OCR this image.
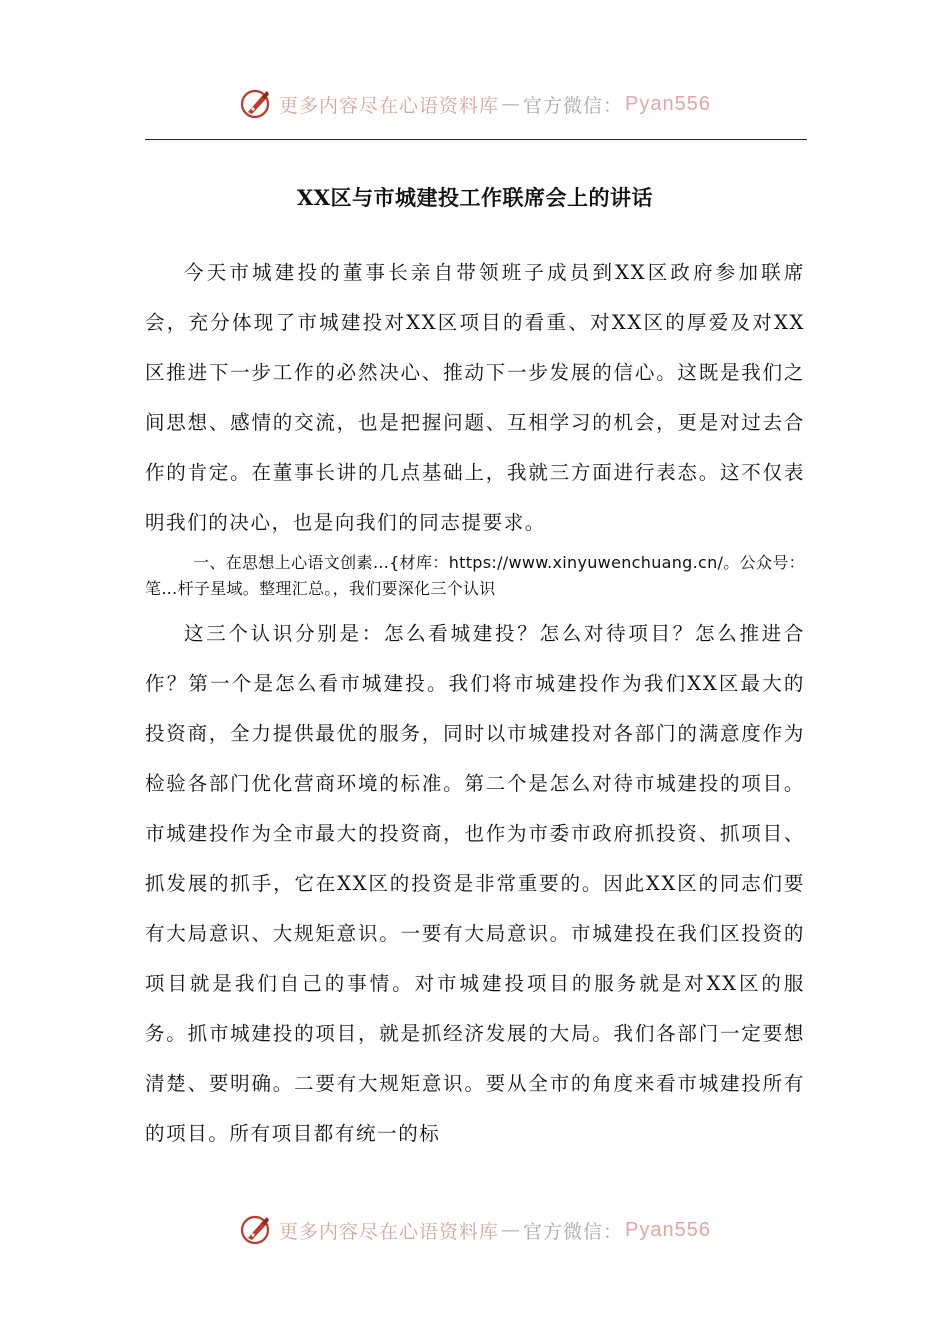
更多内容尽在心语资料库 — 官方微信： Pyan556
XX区与市城建投工作联席会上的讲话

今天市城建投的董事长亲自带领班子成员到XX区政府参加联席会，充分体现了市城建投对XX区项目的看重、对XX区的厚爱及对XX区推进下一步工作的必然决心、推动下一步发展的信心。这既是我们之间思想、感情的交流，也是把握问题、互相学习的机会，更是对过去合作的肯定。在董事长讲的几点基础上，我就三方面进行表态。这不仅表明我们的决心，也是向我们的同志提要求。

一、在思想上心语文创素…{材库：https://www.xinyuwenchuang.cn/。公众号：笔…杆子星域。整理汇总。，我们要深化三个认识

这三个认识分别是：怎么看城建投？怎么对待项目？怎么推进合作？第一个是怎么看市城建投。我们将市城建投作为我们XX区最大的投资商，全力提供最优的服务，同时以市城建投对各部门的满意度作为检验各部门优化营商环境的标准。第二个是怎么对待市城建投的项目。市城建投作为全市最大的投资商，也作为市委市政府抓投资、抓项目、抓发展的抓手，它在XX区的投资是非常重要的。因此XX区的同志们要有大局意识、大规矩意识。一要有大局意识。市城建投在我们区投资的项目就是我们自己的事情。对市城建投项目的服务就是对XX区的服务。抓市城建投的项目，就是抓经济发展的大局。我们各部门一定要想清楚、要明确。二要有大规矩意识。要从全市的角度来看市城建投所有的项目。所有项目都有统一的标

更多内容尽在心语资料库 — 官方微信： Pyan556
